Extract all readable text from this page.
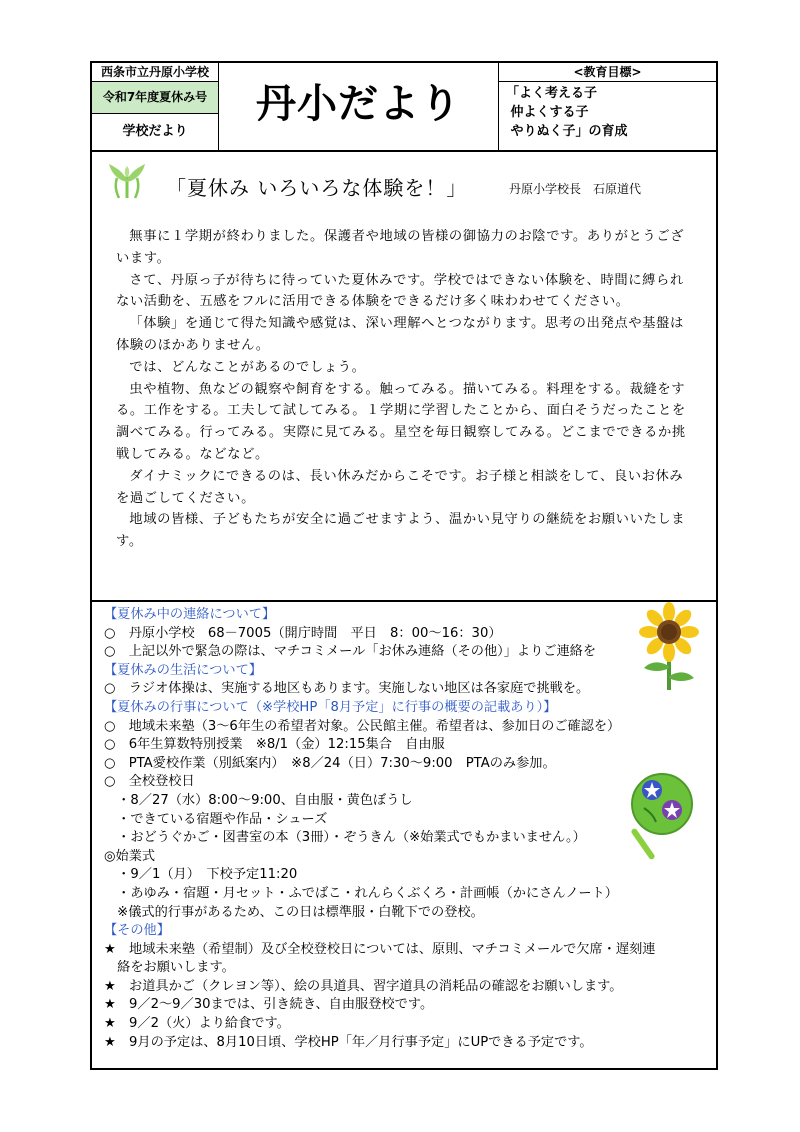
西条市立丹原小学校
令和7年度夏休み号
学校だより
丹小だより
<教育目標>
「よく考える子
仲よくする子
やりぬく子」の育成
「夏休み いろいろな体験を！」	丹原小学校長　石原道代

無事に１学期が終わりました。保護者や地域の皆様の御協力のお陰です。ありがとうございます。

さて、丹原っ子が待ちに待っていた夏休みです。学校ではできない体験を、時間に縛られない活動を、五感をフルに活用できる体験をできるだけ多く味わわせてください。

「体験」を通じて得た知識や感覚は、深い理解へとつながります。思考の出発点や基盤は体験のほかありません。

では、どんなことがあるのでしょう。

虫や植物、魚などの観察や飼育をする。触ってみる。描いてみる。料理をする。裁縫をする。工作をする。工夫して試してみる。１学期に学習したことから、面白そうだったことを調べてみる。行ってみる。実際に見てみる。星空を毎日観察してみる。どこまでできるか挑戦してみる。などなど。

ダイナミックにできるのは、長い休みだからこそです。お子様と相談をして、良いお休みを過ごしてください。

地域の皆様、子どもたちが安全に過ごせますよう、温かい見守りの継続をお願いいたします。

【夏休み中の連絡について】
○　丹原小学校　68－7005（開庁時間　平日　8：00～16：30）
○　上記以外で緊急の際は、マチコミメール「お休み連絡（その他）」よりご連絡を
【夏休みの生活について】
○　ラジオ体操は、実施する地区もあります。実施しない地区は各家庭で挑戦を。
【夏休みの行事について（※学校HP「8月予定」に行事の概要の記載あり）】
○　地域未来塾（3～6年生の希望者対象。公民館主催。希望者は、参加日のご確認を）
○　6年生算数特別授業　※8/1（金）12:15集合　自由服
○　PTA愛校作業（別紙案内）　※8／24（日）7:30～9:00　PTAのみ参加。
○　全校登校日
　・8／27（水）8:00～9:00、自由服・黄色ぼうし
　・できている宿題や作品・シューズ
　・おどうぐかご・図書室の本（3冊）・ぞうきん（※始業式でもかまいません。）
◎始業式
　・9／1（月）　下校予定11:20
　・あゆみ・宿題・月セット・ふでばこ・れんらくぶくろ・計画帳（かにさんノート）
　※儀式的行事があるため、この日は標準服・白靴下での登校。
【その他】
★　地域未来塾（希望制）及び全校登校日については、原則、マチコミメールで欠席・遅刻連
　絡をお願いします。
★　お道具かご（クレヨン等）、絵の具道具、習字道具の消耗品の確認をお願いします。
★　9／2～9／30までは、引き続き、自由服登校です。
★　9／2（火）より給食です。
★　9月の予定は、8月10日頃、学校HP「年／月行事予定」にUPできる予定です。
